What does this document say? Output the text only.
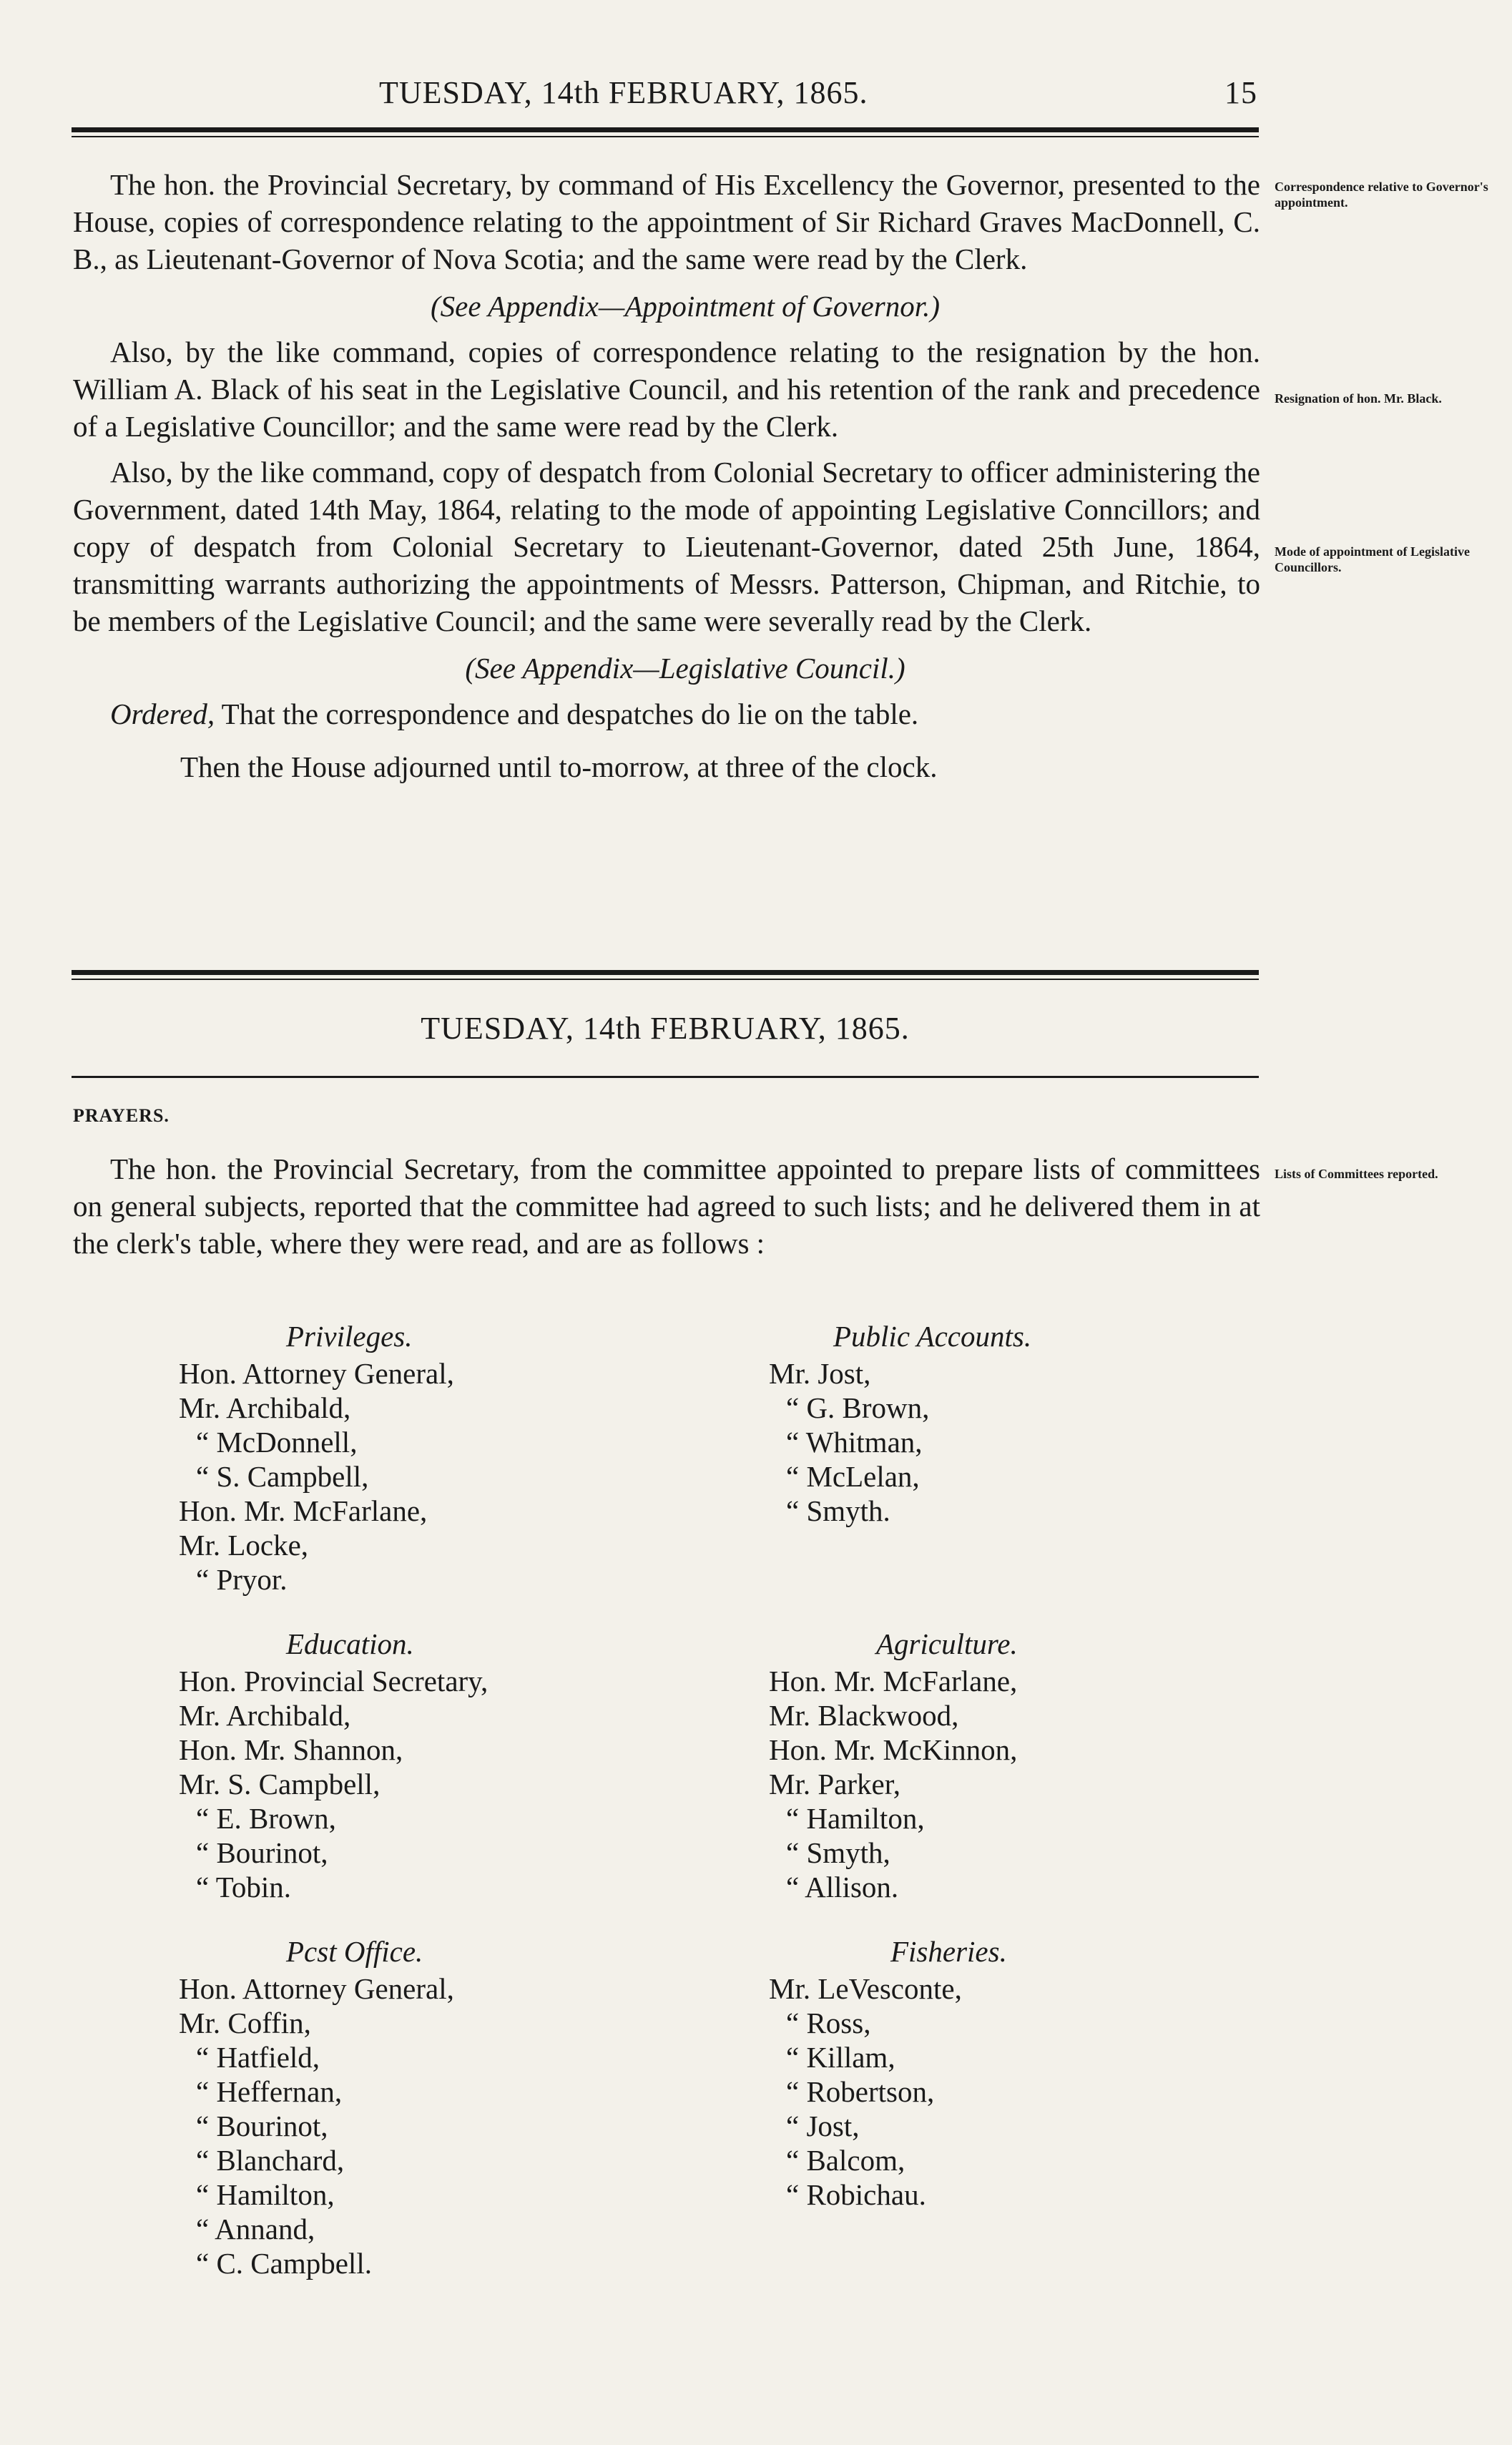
TUESDAY, 14th FEBRUARY, 1865.	15

The hon. the Provincial Secretary, by command of His Excellency the Governor, presented to the House, copies of correspondence relating to the appointment of Sir Richard Graves MacDonnell, C. B., as Lieutenant-Governor of Nova Scotia; and the same were read by the Clerk.

(See Appendix—Appointment of Governor.)

Also, by the like command, copies of correspondence relating to the resignation by the hon. William A. Black of his seat in the Legislative Council, and his retention of the rank and precedence of a Legislative Councillor; and the same were read by the Clerk.

Also, by the like command, copy of despatch from Colonial Secretary to officer administering the Government, dated 14th May, 1864, relating to the mode of appointing Legislative Conncillors; and copy of despatch from Colonial Secretary to Lieutenant-Governor, dated 25th June, 1864, transmitting warrants authorizing the appointments of Messrs. Patterson, Chipman, and Ritchie, to be members of the Legislative Council; and the same were severally read by the Clerk.

(See Appendix—Legislative Council.)

Ordered, That the correspondence and despatches do lie on the table.

Then the House adjourned until to-morrow, at three of the clock.

Correspondence relative to Governor's appointment.
Resignation of hon. Mr. Black.
Mode of appointment of Legislative Councillors.
TUESDAY, 14th FEBRUARY, 1865.
PRAYERS.

The hon. the Provincial Secretary, from the committee appointed to prepare lists of committees on general subjects, reported that the committee had agreed to such lists; and he delivered them in at the clerk's table, where they were read, and are as follows :

Lists of Committees reported.
Privileges.
Hon. Attorney General,
Mr. Archibald,
“ McDonnell,
“ S. Campbell,
Hon. Mr. McFarlane,
Mr. Locke,
“ Pryor.
Education.
Hon. Provincial Secretary,
Mr. Archibald,
Hon. Mr. Shannon,
Mr. S. Campbell,
“ E. Brown,
“ Bourinot,
“ Tobin.
Pcst Office.
Hon. Attorney General,
Mr. Coffin,
“ Hatfield,
“ Heffernan,
“ Bourinot,
“ Blanchard,
“ Hamilton,
“ Annand,
“ C. Campbell.
Public Accounts.
Mr. Jost,
“ G. Brown,
“ Whitman,
“ McLelan,
“ Smyth.
Agriculture.
Hon. Mr. McFarlane,
Mr. Blackwood,
Hon. Mr. McKinnon,
Mr. Parker,
“ Hamilton,
“ Smyth,
“ Allison.
Fisheries.
Mr. LeVesconte,
“ Ross,
“ Killam,
“ Robertson,
“ Jost,
“ Balcom,
“ Robichau.
